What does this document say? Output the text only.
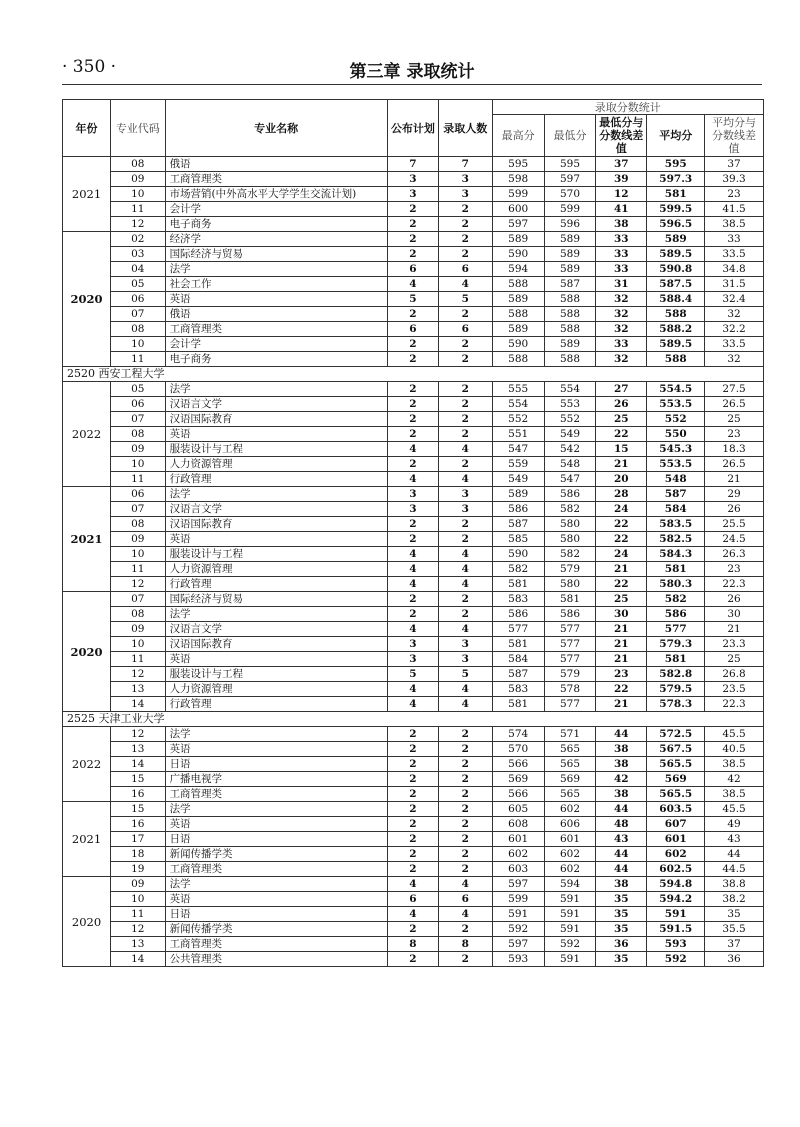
· 350 ·	第三章 录取统计
年份	专业代码	专业名称	公布计划	录取人数	录取分数统计				
					最高分	最低分	最低分与分数线差值	平均分	平均分与分数线差值
2021	08	俄语	7	7	595	595	37	595	37
	09	工商管理类	3	3	598	597	39	597.3	39.3
	10	市场营销(中外高水平大学学生交流计划)	3	3	599	570	12	581	23
	11	会计学	2	2	600	599	41	599.5	41.5
	12	电子商务	2	2	597	596	38	596.5	38.5
2020	02	经济学	2	2	589	589	33	589	33
	03	国际经济与贸易	2	2	590	589	33	589.5	33.5
	04	法学	6	6	594	589	33	590.8	34.8
	05	社会工作	4	4	588	587	31	587.5	31.5
	06	英语	5	5	589	588	32	588.4	32.4
	07	俄语	2	2	588	588	32	588	32
	08	工商管理类	6	6	589	588	32	588.2	32.2
	10	会计学	2	2	590	589	33	589.5	33.5
	11	电子商务	2	2	588	588	32	588	32
2520 西安工程大学									
2022	05	法学	2	2	555	554	27	554.5	27.5
	06	汉语言文学	2	2	554	553	26	553.5	26.5
	07	汉语国际教育	2	2	552	552	25	552	25
	08	英语	2	2	551	549	22	550	23
	09	服装设计与工程	4	4	547	542	15	545.3	18.3
	10	人力资源管理	2	2	559	548	21	553.5	26.5
	11	行政管理	4	4	549	547	20	548	21
2021	06	法学	3	3	589	586	28	587	29
	07	汉语言文学	3	3	586	582	24	584	26
	08	汉语国际教育	2	2	587	580	22	583.5	25.5
	09	英语	2	2	585	580	22	582.5	24.5
	10	服装设计与工程	4	4	590	582	24	584.3	26.3
	11	人力资源管理	4	4	582	579	21	581	23
	12	行政管理	4	4	581	580	22	580.3	22.3
2020	07	国际经济与贸易	2	2	583	581	25	582	26
	08	法学	2	2	586	586	30	586	30
	09	汉语言文学	4	4	577	577	21	577	21
	10	汉语国际教育	3	3	581	577	21	579.3	23.3
	11	英语	3	3	584	577	21	581	25
	12	服装设计与工程	5	5	587	579	23	582.8	26.8
	13	人力资源管理	4	4	583	578	22	579.5	23.5
	14	行政管理	4	4	581	577	21	578.3	22.3
2525 天津工业大学									
2022	12	法学	2	2	574	571	44	572.5	45.5
	13	英语	2	2	570	565	38	567.5	40.5
	14	日语	2	2	566	565	38	565.5	38.5
	15	广播电视学	2	2	569	569	42	569	42
	16	工商管理类	2	2	566	565	38	565.5	38.5
2021	15	法学	2	2	605	602	44	603.5	45.5
	16	英语	2	2	608	606	48	607	49
	17	日语	2	2	601	601	43	601	43
	18	新闻传播学类	2	2	602	602	44	602	44
	19	工商管理类	2	2	603	602	44	602.5	44.5
2020	09	法学	4	4	597	594	38	594.8	38.8
	10	英语	6	6	599	591	35	594.2	38.2
	11	日语	4	4	591	591	35	591	35
	12	新闻传播学类	2	2	592	591	35	591.5	35.5
	13	工商管理类	8	8	597	592	36	593	37
	14	公共管理类	2	2	593	591	35	592	36
